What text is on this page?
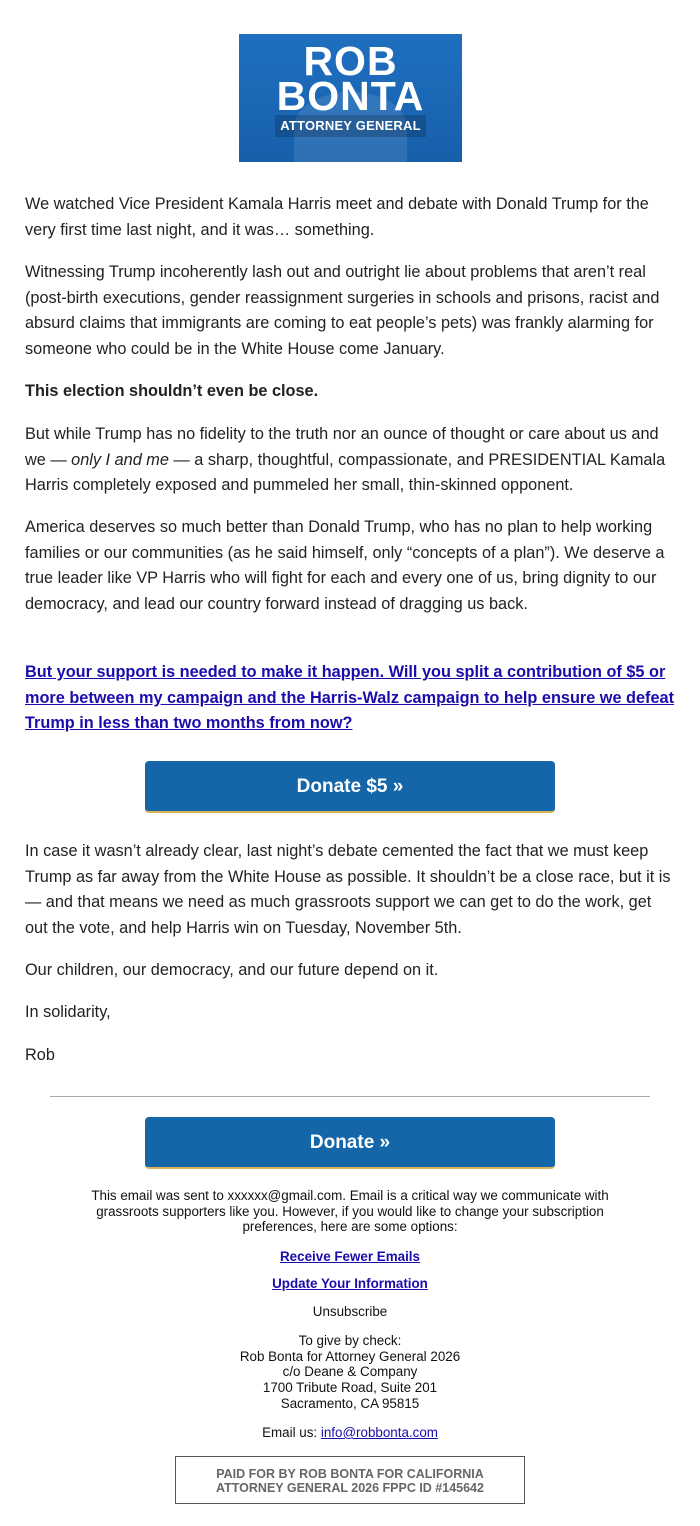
ROB
BONTA
ATTORNEY GENERAL
We watched Vice President Kamala Harris meet and debate with Donald Trump for the very first time last night, and it was… something.
Witnessing Trump incoherently lash out and outright lie about problems that aren’t real (post-birth executions, gender reassignment surgeries in schools and prisons, racist and absurd claims that immigrants are coming to eat people’s pets) was frankly alarming for someone who could be in the White House come January.
This election shouldn’t even be close.
But while Trump has no fidelity to the truth nor an ounce of thought or care about us and we — only I and me — a sharp, thoughtful, compassionate, and PRESIDENTIAL Kamala Harris completely exposed and pummeled her small, thin-skinned opponent.
America deserves so much better than Donald Trump, who has no plan to help working families or our communities (as he said himself, only “concepts of a plan”). We deserve a true leader like VP Harris who will fight for each and every one of us, bring dignity to our democracy, and lead our country forward instead of dragging us back.
But your support is needed to make it happen. Will you split a contribution of $5 or more between my campaign and the Harris-Walz campaign to help ensure we defeat Trump in less than two months from now?
Donate $5 »
In case it wasn’t already clear, last night’s debate cemented the fact that we must keep Trump as far away from the White House as possible. It shouldn’t be a close race, but it is — and that means we need as much grassroots support we can get to do the work, get out the vote, and help Harris win on Tuesday, November 5th.
Our children, our democracy, and our future depend on it.
In solidarity,
Rob
Donate »
This email was sent to xxxxxx@gmail.com. Email is a critical way we communicate with grassroots supporters like you. However, if you would like to change your subscription preferences, here are some options:
Receive Fewer Emails
Update Your Information
Unsubscribe
To give by check:
Rob Bonta for Attorney General 2026
c/o Deane & Company
1700 Tribute Road, Suite 201
Sacramento, CA 95815
Email us: info@robbonta.com
PAID FOR BY ROB BONTA FOR CALIFORNIA
ATTORNEY GENERAL 2026 FPPC ID #145642
